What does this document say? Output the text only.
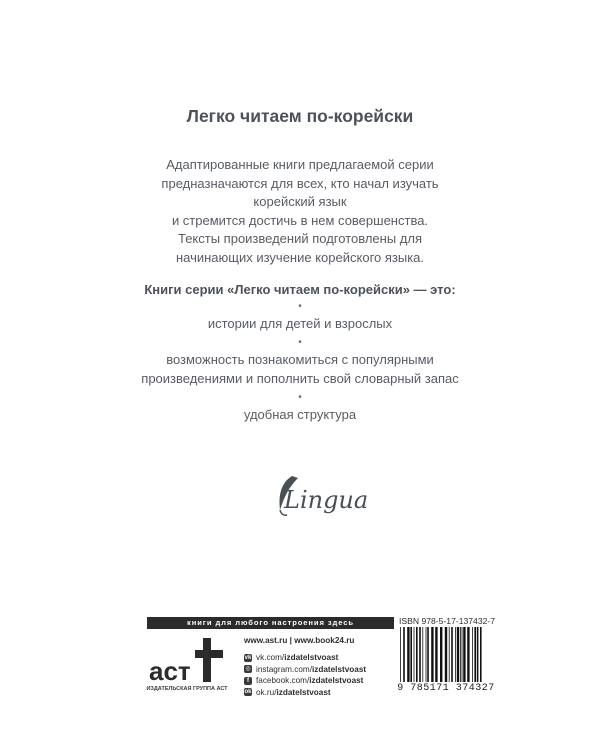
Легко читаем по-корейски
Адаптированные книги предлагаемой серии
предназначаются для всех, кто начал изучать
корейский язык
и стремится достичь в нем совершенства.
Тексты произведений подготовлены для
начинающих изучение корейского языка.
Книги серии «Легко читаем по-корейски» — это:
•
истории для детей и взрослых
•
возможность познакомиться с популярными
произведениями и пополнить свой словарный запас
•
удобная структура
Lingua
книги для любого настроения здесь
аст
ИЗДАТЕЛЬСКАЯ ГРУППА АСТ
www.ast.ru | www.book24.ru
vk vk.com/ izdatelstvoast
◎ instagram.com/ izdatelstvoast
f facebook.com/ izdatelstvoast
ok ok.ru/ izdatelstvoast
ISBN 978-5-17-137432-7
9 785171 374327
